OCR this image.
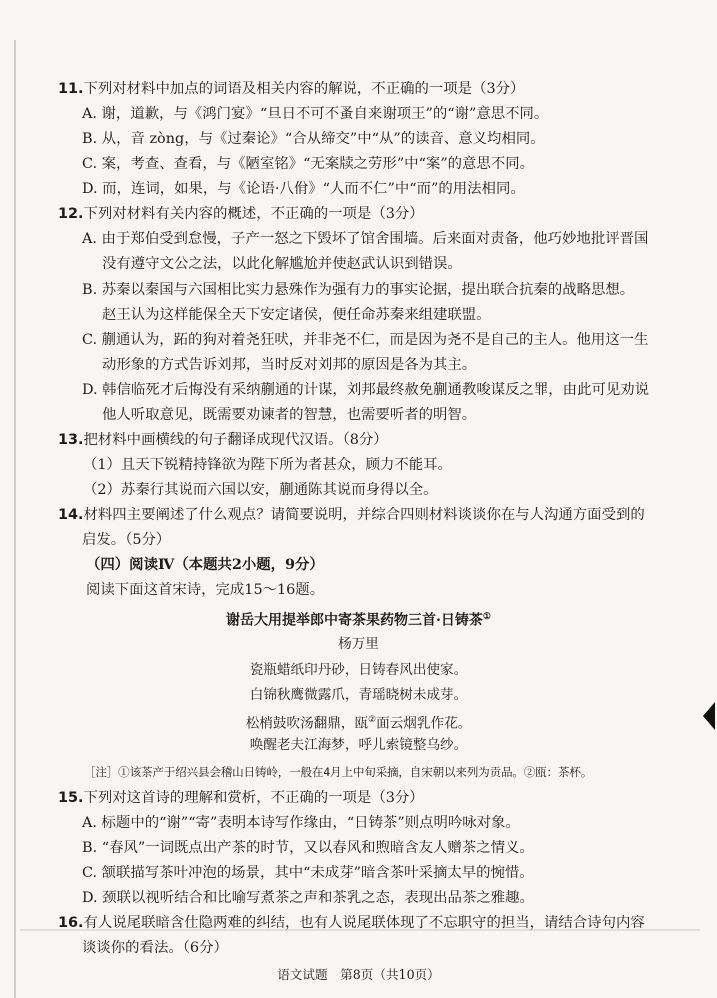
11.下列对材料中加点的词语及相关内容的解说，不正确的一项是（3分）
A. 谢，道歉，与《鸿门宴》“旦日不可不蚤自来谢项王”的“谢”意思不同。
B. 从，音 zòng，与《过秦论》“合从缔交”中“从”的读音、意义均相同。
C. 案，考查、查看，与《陋室铭》“无案牍之劳形”中“案”的意思不同。
D. 而，连词，如果，与《论语·八佾》“人而不仁”中“而”的用法相同。
12.下列对材料有关内容的概述，不正确的一项是（3分）
A. 由于郑伯受到怠慢，子产一怒之下毁坏了馆舍围墙。后来面对责备，他巧妙地批评晋国
没有遵守文公之法，以此化解尴尬并使赵武认识到错误。
B. 苏秦以秦国与六国相比实力悬殊作为强有力的事实论据，提出联合抗秦的战略思想。
赵王认为这样能保全天下安定诸侯，便任命苏秦来组建联盟。
C. 蒯通认为，跖的狗对着尧狂吠，并非尧不仁，而是因为尧不是自己的主人。他用这一生
动形象的方式告诉刘邦，当时反对刘邦的原因是各为其主。
D. 韩信临死才后悔没有采纳蒯通的计谋，刘邦最终赦免蒯通教唆谋反之罪，由此可见劝说
他人听取意见，既需要劝谏者的智慧，也需要听者的明智。
13.把材料中画横线的句子翻译成现代汉语。（8分）
（1）且天下锐精持锋欲为陛下所为者甚众，顾力不能耳。
（2）苏秦行其说而六国以安，蒯通陈其说而身得以全。
14.材料四主要阐述了什么观点？请简要说明，并综合四则材料谈谈你在与人沟通方面受到的
启发。（5分）
（四）阅读Ⅳ（本题共2小题，9分）
阅读下面这首宋诗，完成15～16题。
谢岳大用提举郎中寄茶果药物三首·日铸茶①
杨万里
瓷瓶蜡纸印丹砂，日铸春风出使家。
白锦秋鹰微露爪，青瑶晓树未成芽。
松梢鼓吹汤翻鼎，瓯②面云烟乳作花。
唤醒老夫江海梦，呼儿索镜整乌纱。
［注］①该茶产于绍兴县会稽山日铸岭，一般在4月上中旬采摘，自宋朝以来列为贡品。②瓯：茶杯。
15.下列对这首诗的理解和赏析，不正确的一项是（3分）
A. 标题中的“谢”“寄”表明本诗写作缘由，“日铸茶”则点明吟咏对象。
B. “春风”一词既点出产茶的时节，又以春风和煦暗含友人赠茶之情义。
C. 颔联描写茶叶冲泡的场景，其中“未成芽”暗含茶叶采摘太早的惋惜。
D. 颈联以视听结合和比喻写煮茶之声和茶乳之态，表现出品茶之雅趣。
16.有人说尾联暗含仕隐两难的纠结，也有人说尾联体现了不忘职守的担当，请结合诗句内容
谈谈你的看法。（6分）
语文试题　第8页（共10页）
